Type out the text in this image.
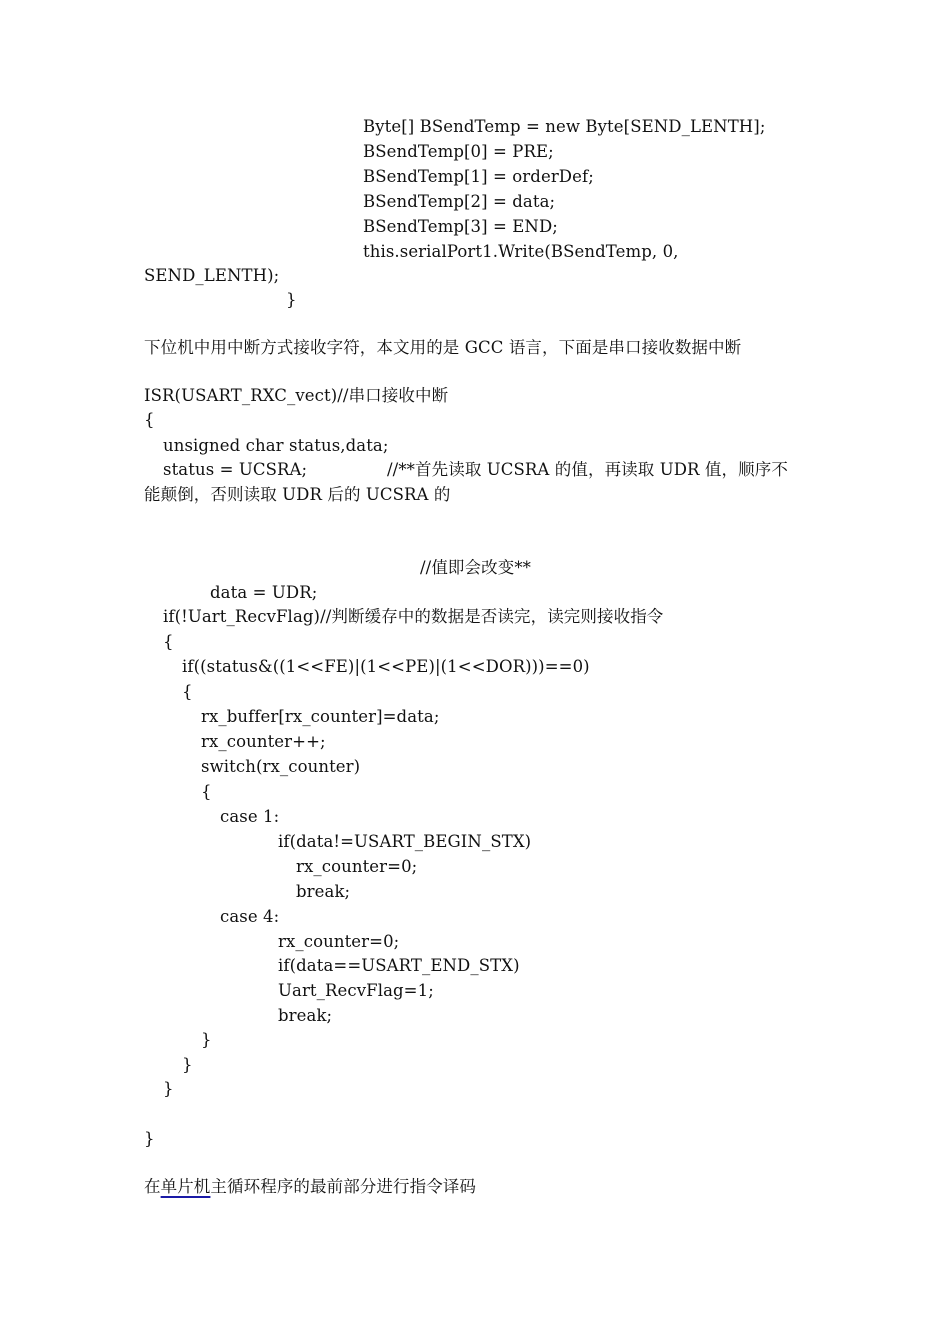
Byte[] BSendTemp = new Byte[SEND_LENTH];
BSendTemp[0] = PRE;
BSendTemp[1] = orderDef;
BSendTemp[2] = data;
BSendTemp[3] = END;
this.serialPort1.Write(BSendTemp, 0,
SEND_LENTH);
}
下位机中用中断方式接收字符，本文用的是 GCC 语言，下面是串口接收数据中断
ISR(USART_RXC_vect)//串口接收中断
{
unsigned char status,data;
status = UCSRA;	//**首先读取 UCSRA 的值，再读取 UDR 值，顺序不
能颠倒，否则读取 UDR 后的 UCSRA 的
//值即会改变**
data = UDR;
if(!Uart_RecvFlag)//判断缓存中的数据是否读完，读完则接收指令
{
if((status&((1<<FE)|(1<<PE)|(1<<DOR)))==0)
{
rx_buffer[rx_counter]=data;
rx_counter++;
switch(rx_counter)
{
case 1:
if(data!=USART_BEGIN_STX)
rx_counter=0;
break;
case 4:
rx_counter=0;
if(data==USART_END_STX)
Uart_RecvFlag=1;
break;
}
}
}
}
在单片机主循环程序的最前部分进行指令译码
